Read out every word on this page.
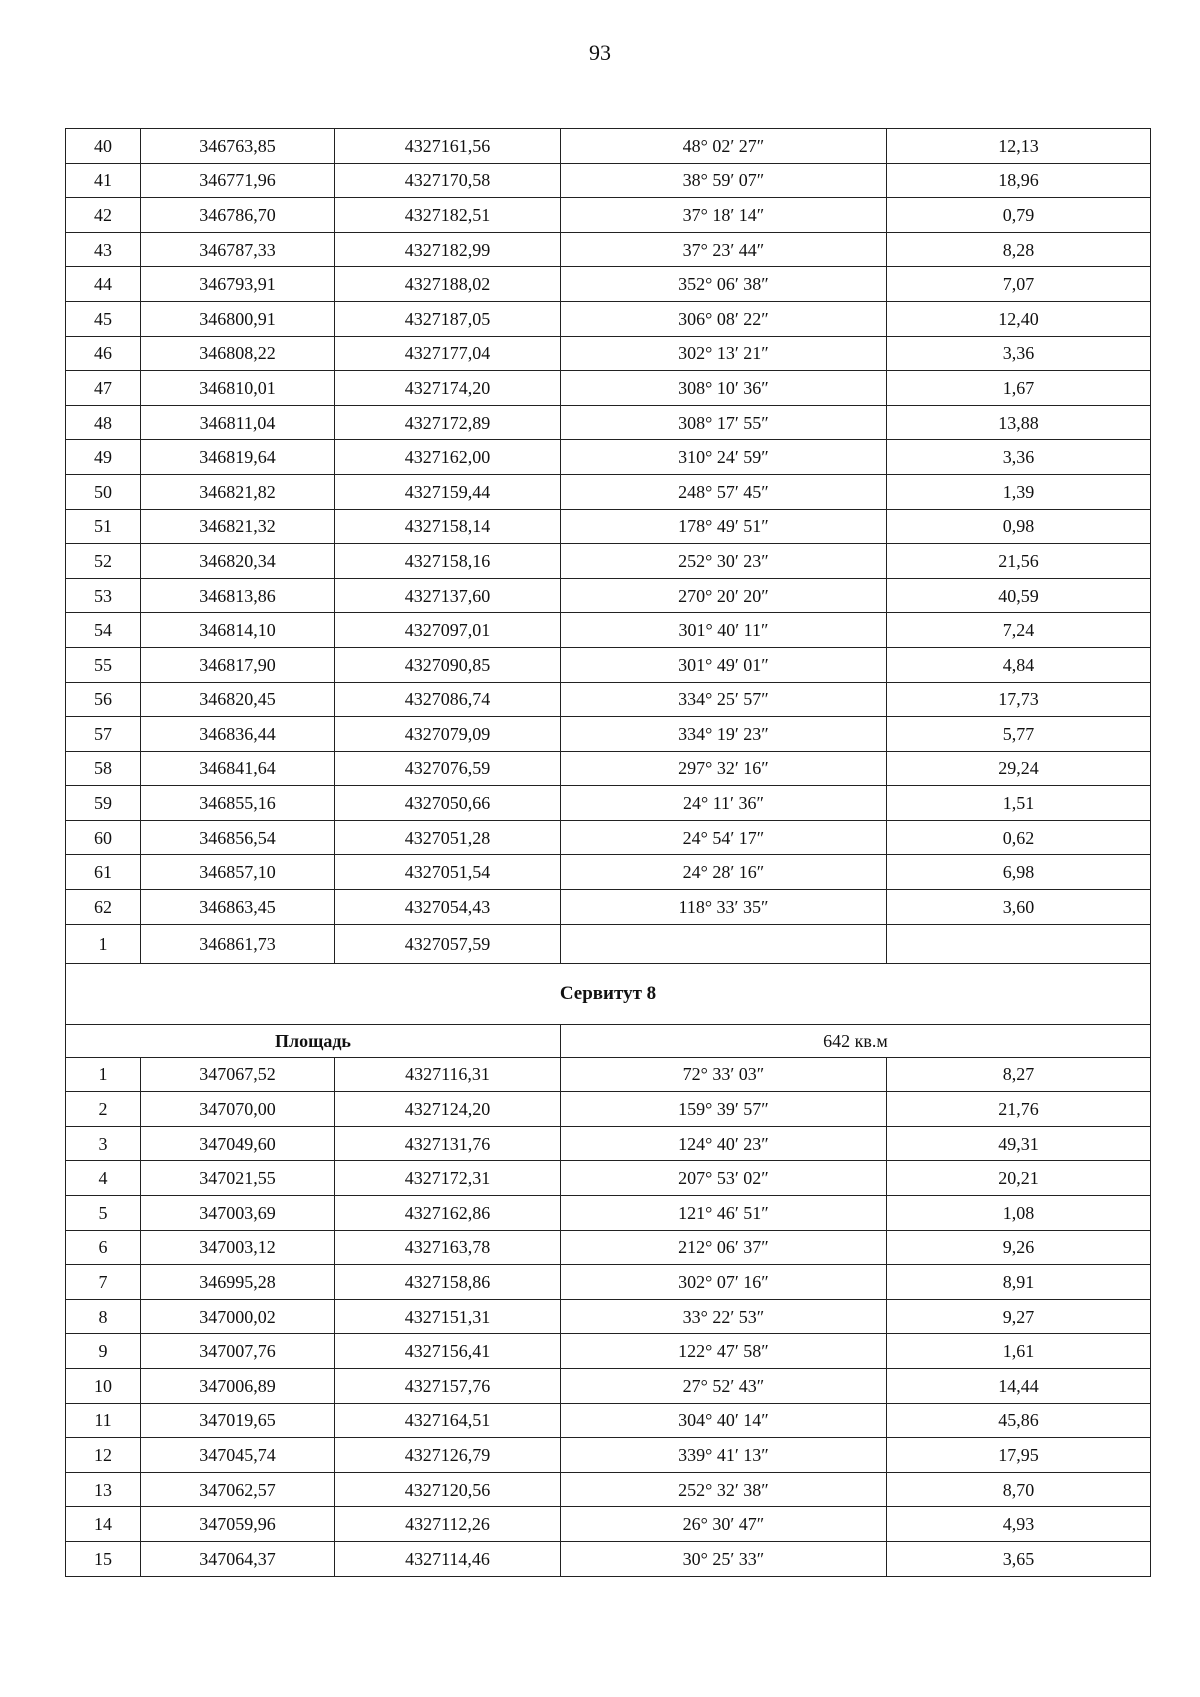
93
40	346763,85	4327161,56	48° 02′ 27″	12,13
41	346771,96	4327170,58	38° 59′ 07″	18,96
42	346786,70	4327182,51	37° 18′ 14″	0,79
43	346787,33	4327182,99	37° 23′ 44″	8,28
44	346793,91	4327188,02	352° 06′ 38″	7,07
45	346800,91	4327187,05	306° 08′ 22″	12,40
46	346808,22	4327177,04	302° 13′ 21″	3,36
47	346810,01	4327174,20	308° 10′ 36″	1,67
48	346811,04	4327172,89	308° 17′ 55″	13,88
49	346819,64	4327162,00	310° 24′ 59″	3,36
50	346821,82	4327159,44	248° 57′ 45″	1,39
51	346821,32	4327158,14	178° 49′ 51″	0,98
52	346820,34	4327158,16	252° 30′ 23″	21,56
53	346813,86	4327137,60	270° 20′ 20″	40,59
54	346814,10	4327097,01	301° 40′ 11″	7,24
55	346817,90	4327090,85	301° 49′ 01″	4,84
56	346820,45	4327086,74	334° 25′ 57″	17,73
57	346836,44	4327079,09	334° 19′ 23″	5,77
58	346841,64	4327076,59	297° 32′ 16″	29,24
59	346855,16	4327050,66	24° 11′ 36″	1,51
60	346856,54	4327051,28	24° 54′ 17″	0,62
61	346857,10	4327051,54	24° 28′ 16″	6,98
62	346863,45	4327054,43	118° 33′ 35″	3,60
1	346861,73	4327057,59		
Сервитут 8				
Площадь			642 кв.м	
1	347067,52	4327116,31	72° 33′ 03″	8,27
2	347070,00	4327124,20	159° 39′ 57″	21,76
3	347049,60	4327131,76	124° 40′ 23″	49,31
4	347021,55	4327172,31	207° 53′ 02″	20,21
5	347003,69	4327162,86	121° 46′ 51″	1,08
6	347003,12	4327163,78	212° 06′ 37″	9,26
7	346995,28	4327158,86	302° 07′ 16″	8,91
8	347000,02	4327151,31	33° 22′ 53″	9,27
9	347007,76	4327156,41	122° 47′ 58″	1,61
10	347006,89	4327157,76	27° 52′ 43″	14,44
11	347019,65	4327164,51	304° 40′ 14″	45,86
12	347045,74	4327126,79	339° 41′ 13″	17,95
13	347062,57	4327120,56	252° 32′ 38″	8,70
14	347059,96	4327112,26	26° 30′ 47″	4,93
15	347064,37	4327114,46	30° 25′ 33″	3,65
